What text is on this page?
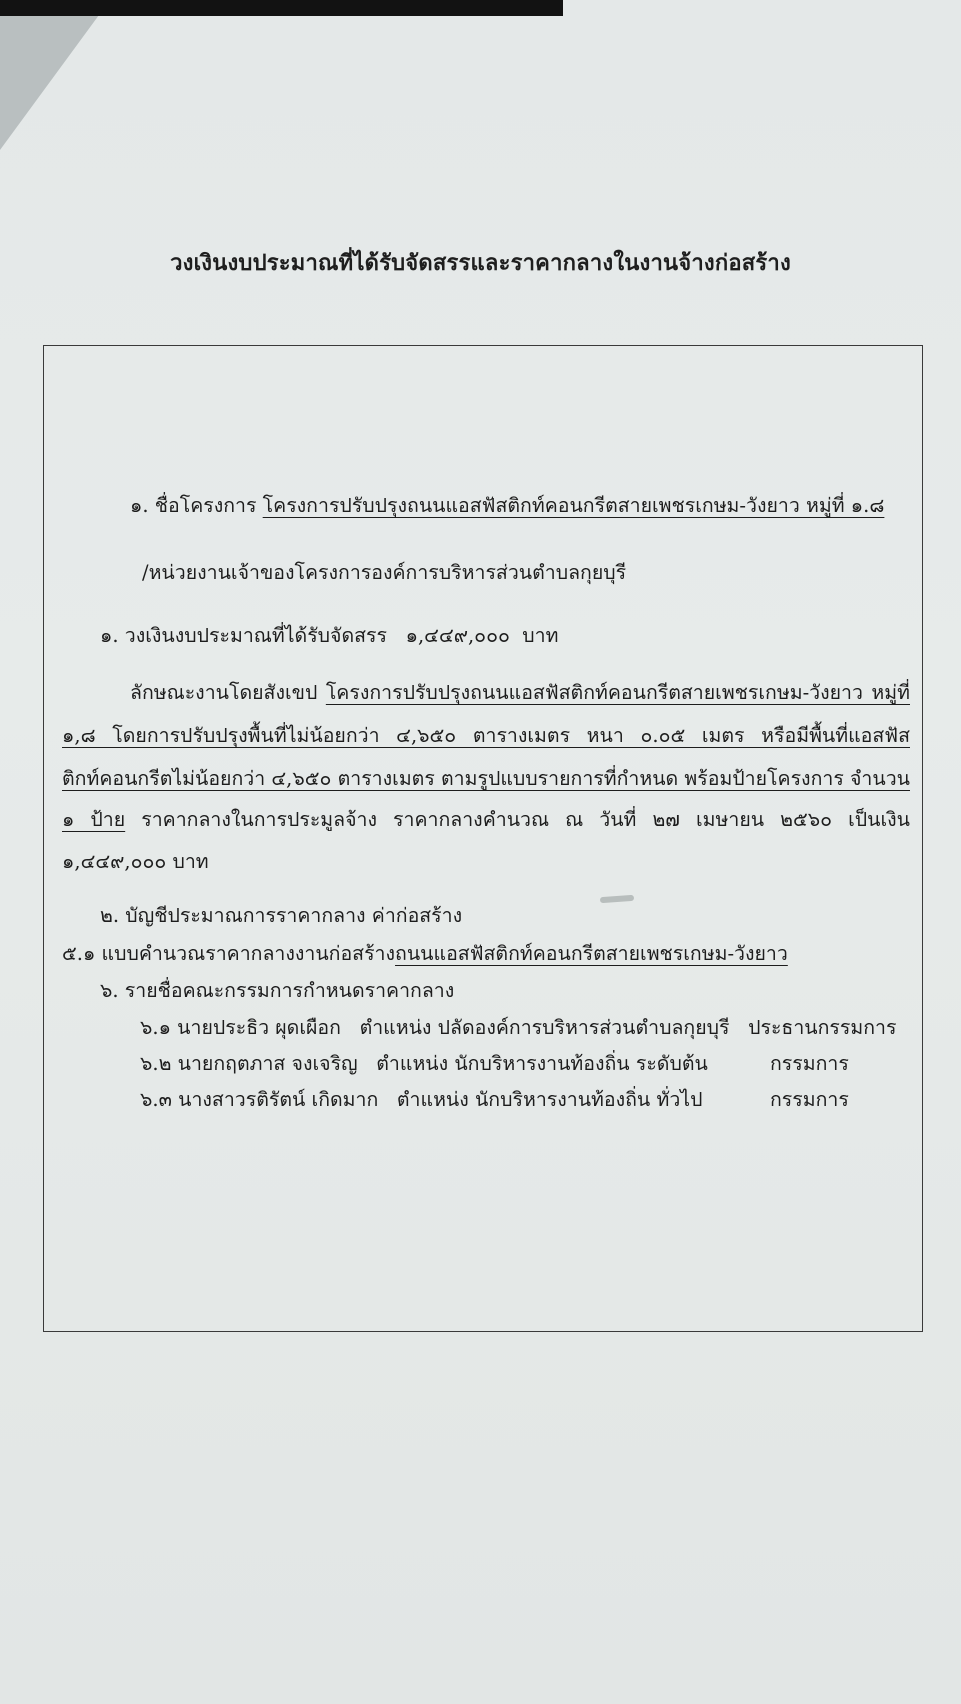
วงเงินงบประมาณที่ได้รับจัดสรรและราคากลางในงานจ้างก่อสร้าง
๑. ชื่อโครงการ โครงการปรับปรุงถนนแอสฟัสติกท์คอนกรีตสายเพชรเกษม-วังยาว หมู่ที่ ๑.๘
/หน่วยงานเจ้าของโครงการองค์การบริหารส่วนตำบลกุยบุรี
๑. วงเงินงบประมาณที่ได้รับจัดสรร ๑,๔๔๙,๐๐๐ บาท
ลักษณะงานโดยสังเขป โครงการปรับปรุงถนนแอสฟัสติกท์คอนกรีตสายเพชรเกษม-วังยาว หมู่ที่
๑,๘ โดยการปรับปรุงพื้นที่ไม่น้อยกว่า ๔,๖๕๐ ตารางเมตร หนา ๐.๐๕ เมตร หรือมีพื้นที่แอสฟัส
ติกท์คอนกรีตไม่น้อยกว่า ๔,๖๕๐ ตารางเมตร ตามรูปแบบรายการที่กำหนด พร้อมป้ายโครงการ จำนวน
๑ ป้าย ราคากลางในการประมูลจ้าง ราคากลางคำนวณ ณ วันที่ ๒๗ เมษายน ๒๕๖๐ เป็นเงิน
๑,๔๔๙,๐๐๐ บาท
๒. บัญชีประมาณการราคากลาง ค่าก่อสร้าง
๕.๑ แบบคำนวณราคากลางงานก่อสร้างถนนแอสฟัสติกท์คอนกรีตสายเพชรเกษม-วังยาว
๖. รายชื่อคณะกรรมการกำหนดราคากลาง
๖.๑ นายประธิว ผุดเผือก ตำแหน่ง ปลัดองค์การบริหารส่วนตำบลกุยบุรี ประธานกรรมการ
๖.๒ นายกฤตภาส จงเจริญ ตำแหน่ง นักบริหารงานท้องถิ่น ระดับต้น	กรรมการ
๖.๓ นางสาวรติรัตน์ เกิดมาก ตำแหน่ง นักบริหารงานท้องถิ่น ทั่วไป	กรรมการ
